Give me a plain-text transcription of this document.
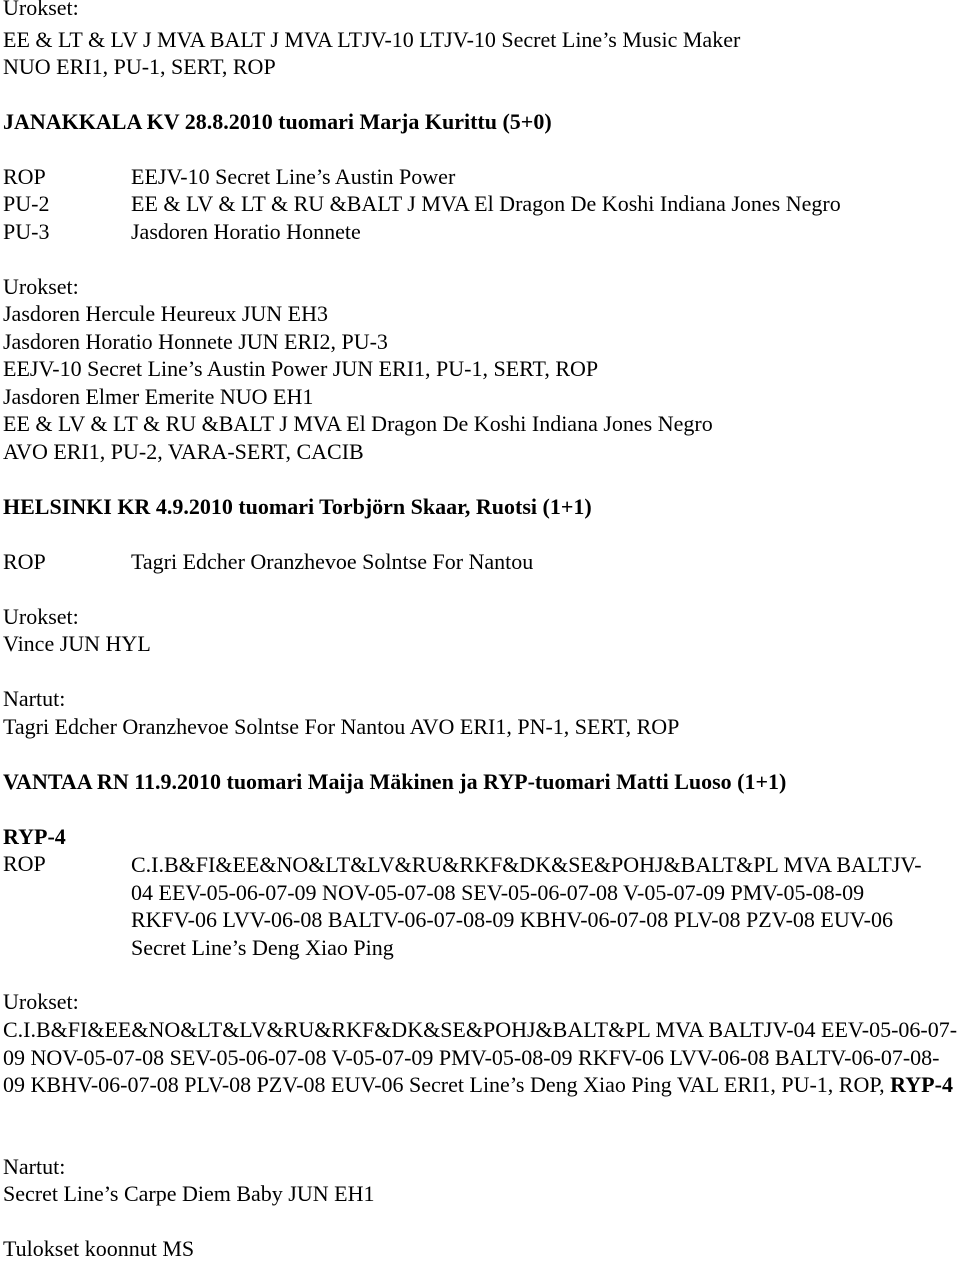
Urokset:
EE & LT & LV J MVA BALT J MVA LTJV-10 LTJV-10 Secret Line’s Music Maker
NUO ERI1, PU-1, SERT, ROP
JANAKKALA KV 28.8.2010 tuomari Marja Kurittu (5+0)
ROP	EEJV-10 Secret Line’s Austin Power
PU-2	EE & LV & LT & RU &BALT J MVA El Dragon De Koshi Indiana Jones Negro
PU-3	Jasdoren Horatio Honnete
Urokset:
Jasdoren Hercule Heureux JUN EH3
Jasdoren Horatio Honnete JUN ERI2, PU-3
EEJV-10 Secret Line’s Austin Power JUN ERI1, PU-1, SERT, ROP
Jasdoren Elmer Emerite NUO EH1
EE & LV & LT & RU &BALT J MVA El Dragon De Koshi Indiana Jones Negro
AVO ERI1, PU-2, VARA-SERT, CACIB
HELSINKI KR 4.9.2010 tuomari Torbjörn Skaar, Ruotsi (1+1)
ROP	Tagri Edcher Oranzhevoe Solntse For Nantou
Urokset:
Vince JUN HYL
Nartut:
Tagri Edcher Oranzhevoe Solntse For Nantou AVO ERI1, PN-1, SERT, ROP
VANTAA RN 11.9.2010 tuomari Maija Mäkinen ja RYP-tuomari Matti Luoso (1+1)
RYP-4
ROP	C.I.B&FI&EE&NO&LT&LV&RU&RKF&DK&SE&POHJ&BALT&PL MVA BALTJV-04 EEV-05-06-07-09 NOV-05-07-08 SEV-05-06-07-08 V-05-07-09 PMV-05-08-09 RKFV-06 LVV-06-08 BALTV-06-07-08-09 KBHV-06-07-08 PLV-08 PZV-08 EUV-06 Secret Line’s Deng Xiao Ping
Urokset:
C.I.B&FI&EE&NO&LT&LV&RU&RKF&DK&SE&POHJ&BALT&PL MVA BALTJV-04 EEV-05-06-07-09 NOV-05-07-08 SEV-05-06-07-08 V-05-07-09 PMV-05-08-09 RKFV-06 LVV-06-08 BALTV-06-07-08-09 KBHV-06-07-08 PLV-08 PZV-08 EUV-06 Secret Line’s Deng Xiao Ping VAL ERI1, PU-1, ROP, RYP-4
Nartut:
Secret Line’s Carpe Diem Baby JUN EH1
Tulokset koonnut MS
